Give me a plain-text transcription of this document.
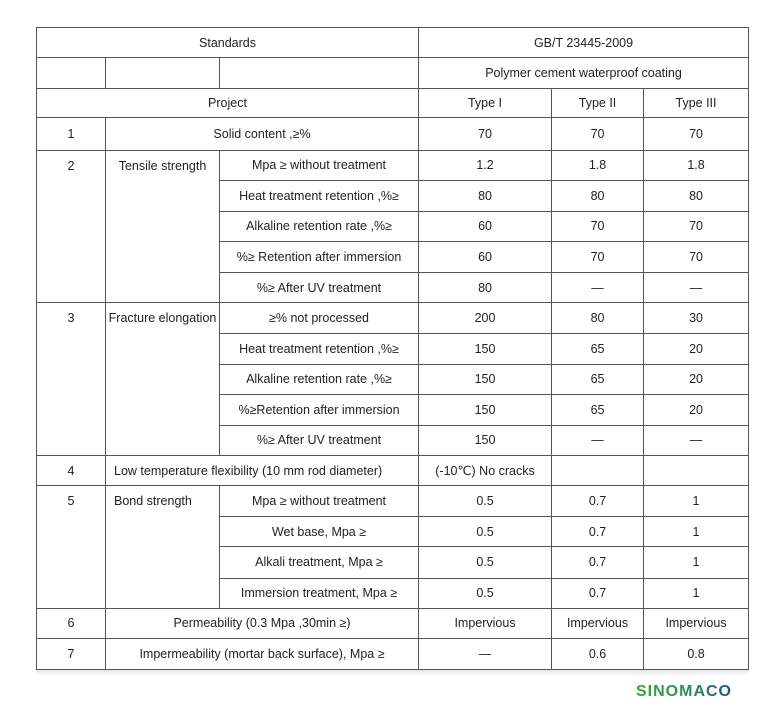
Standards			GB/T 23445-2009		
			Polymer cement waterproof coating		
Project			Type I	Type II	Type III
1	Solid content ,≥%		70	70	70
2	Tensile strength	Mpa ≥ without treatment	1.2	1.8	1.8
		Heat treatment retention ,%≥	80	80	80
		Alkaline retention rate ,%≥	60	70	70
		%≥ Retention after immersion	60	70	70
		%≥ After UV treatment	80	—	—
3	Fracture elongation	≥% not processed	200	80	30
		Heat treatment retention ,%≥	150	65	20
		Alkaline retention rate ,%≥	150	65	20
		%≥Retention after immersion	150	65	20
		%≥ After UV treatment	150	—	—
4	Low temperature flexibility (10 mm rod diameter)		(-10℃) No cracks		
5	Bond strength	Mpa ≥ without treatment	0.5	0.7	1
		Wet base, Mpa ≥	0.5	0.7	1
		Alkali treatment, Mpa ≥	0.5	0.7	1
		Immersion treatment, Mpa ≥	0.5	0.7	1
6	Permeability (0.3 Mpa ,30min ≥)		Impervious	Impervious	Impervious
7	Impermeability (mortar back surface), Mpa ≥		—	0.6	0.8
SINOMACO
